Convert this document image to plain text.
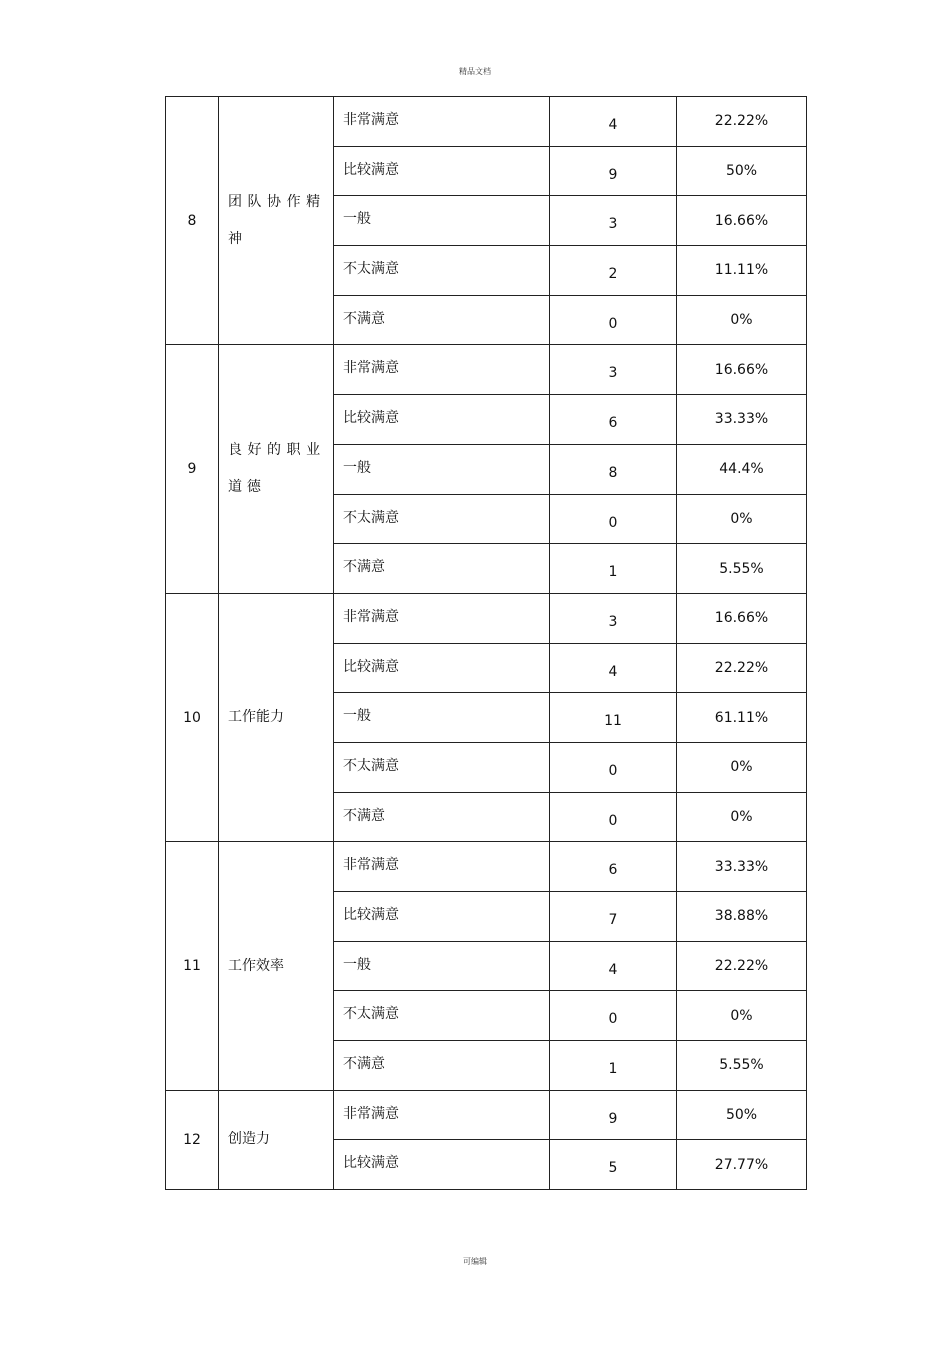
精品文档
8	团队协作精神	非常满意	4	22.22%
		比较满意	9	50%
		一般	3	16.66%
		不太满意	2	11.11%
		不满意	0	0%
9	良好的职业道德	非常满意	3	16.66%
		比较满意	6	33.33%
		一般	8	44.4%
		不太满意	0	0%
		不满意	1	5.55%
10	工作能力	非常满意	3	16.66%
		比较满意	4	22.22%
		一般	11	61.11%
		不太满意	0	0%
		不满意	0	0%
11	工作效率	非常满意	6	33.33%
		比较满意	7	38.88%
		一般	4	22.22%
		不太满意	0	0%
		不满意	1	5.55%
12	创造力	非常满意	9	50%
		比较满意	5	27.77%
可编辑
